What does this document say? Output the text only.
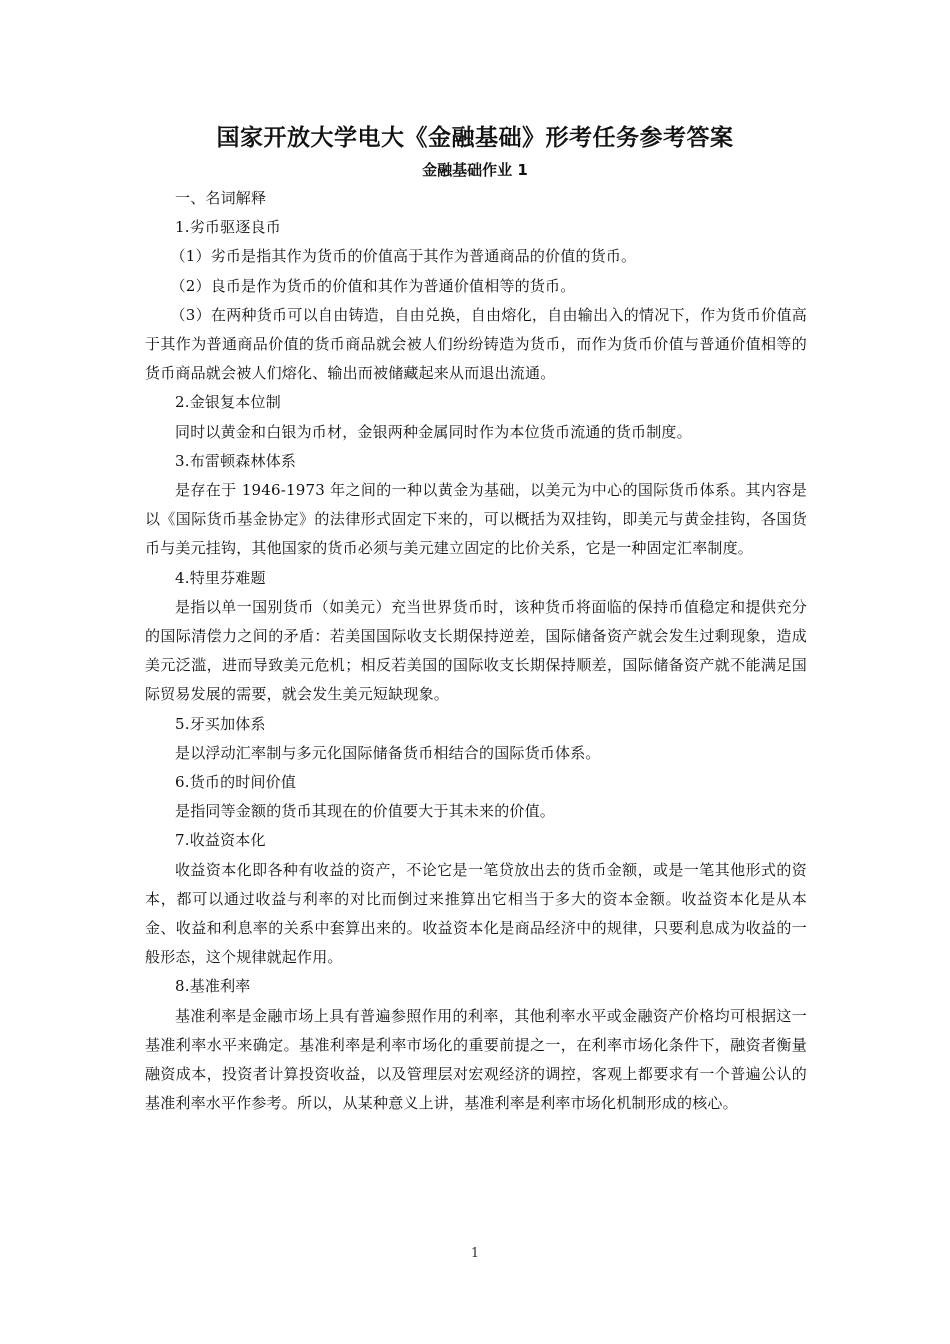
国家开放大学电大《金融基础》形考任务参考答案
金融基础作业 1

一、名词解释

1.劣币驱逐良币

（1）劣币是指其作为货币的价值高于其作为普通商品的价值的货币。

（2）良币是作为货币的价值和其作为普通价值相等的货币。

（3）在两种货币可以自由铸造，自由兑换，自由熔化，自由输出入的情况下，作为货币价值高于其作为普通商品价值的货币商品就会被人们纷纷铸造为货币，而作为货币价值与普通价值相等的货币商品就会被人们熔化、输出而被储藏起来从而退出流通。

2.金银复本位制

同时以黄金和白银为币材，金银两种金属同时作为本位货币流通的货币制度。

3.布雷顿森林体系

是存在于 1946-1973 年之间的一种以黄金为基础，以美元为中心的国际货币体系。其内容是以《国际货币基金协定》的法律形式固定下来的，可以概括为双挂钩，即美元与黄金挂钩，各国货币与美元挂钩，其他国家的货币必须与美元建立固定的比价关系，它是一种固定汇率制度。

4.特里芬难题

是指以单一国别货币（如美元）充当世界货币时，该种货币将面临的保持币值稳定和提供充分的国际清偿力之间的矛盾：若美国国际收支长期保持逆差，国际储备资产就会发生过剩现象，造成美元泛滥，进而导致美元危机；相反若美国的国际收支长期保持顺差，国际储备资产就不能满足国际贸易发展的需要，就会发生美元短缺现象。

5.牙买加体系

是以浮动汇率制与多元化国际储备货币相结合的国际货币体系。

6.货币的时间价值

是指同等金额的货币其现在的价值要大于其未来的价值。

7.收益资本化

收益资本化即各种有收益的资产，不论它是一笔贷放出去的货币金额，或是一笔其他形式的资本，都可以通过收益与利率的对比而倒过来推算出它相当于多大的资本金额。收益资本化是从本金、收益和利息率的关系中套算出来的。收益资本化是商品经济中的规律，只要利息成为收益的一般形态，这个规律就起作用。

8.基准利率

基准利率是金融市场上具有普遍参照作用的利率，其他利率水平或金融资产价格均可根据这一基准利率水平来确定。基准利率是利率市场化的重要前提之一，在利率市场化条件下，融资者衡量融资成本，投资者计算投资收益，以及管理层对宏观经济的调控，客观上都要求有一个普遍公认的基准利率水平作参考。所以，从某种意义上讲，基准利率是利率市场化机制形成的核心。

1
